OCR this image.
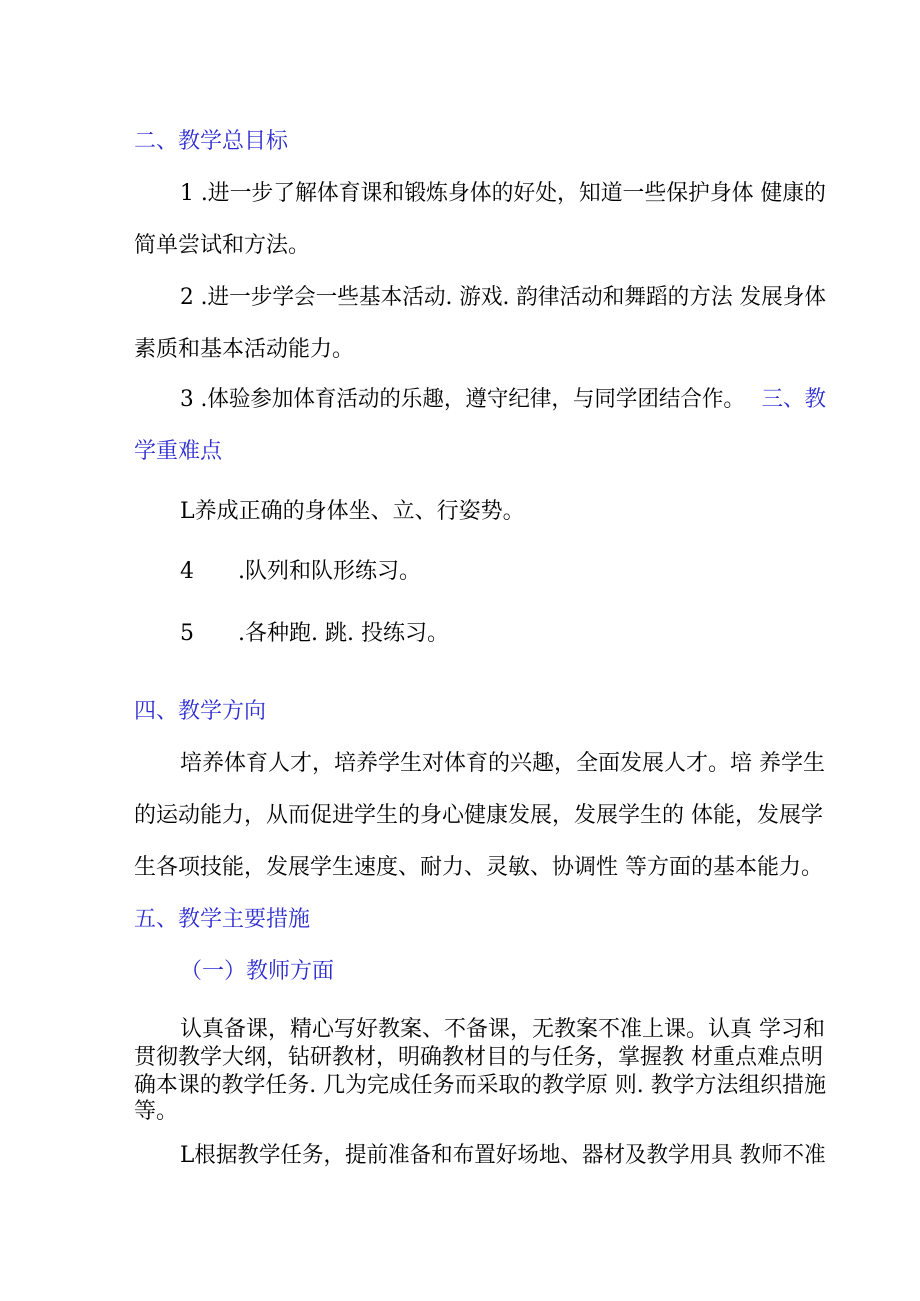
二、教学总目标
1 .进一步了解体育课和锻炼身体的好处，知道一些保护身体 健康的
简单尝试和方法。
2 .进一步学会一些基本活动. 游戏. 韵律活动和舞蹈的方法 发展身体
素质和基本活动能力。
3 .体验参加体育活动的乐趣，遵守纪律，与同学团结合作。 三、教
学重难点
L养成正确的身体坐、立、行姿势。
4 .队列和队形练习。
5 .各种跑. 跳. 投练习。
四、教学方向
培养体育人才，培养学生对体育的兴趣，全面发展人才。培 养学生
的运动能力，从而促进学生的身心健康发展，发展学生的 体能，发展学
生各项技能，发展学生速度、耐力、灵敏、协调性 等方面的基本能力。
五、教学主要措施
（一）教师方面
认真备课，精心写好教案、不备课，无教案不准上课。认真 学习和
贯彻教学大纲，钻研教材，明确教材目的与任务，掌握教 材重点难点明
确本课的教学任务. 几为完成任务而采取的教学原 则. 教学方法组织措施
等。
L根据教学任务，提前准备和布置好场地、器材及教学用具 教师不准
